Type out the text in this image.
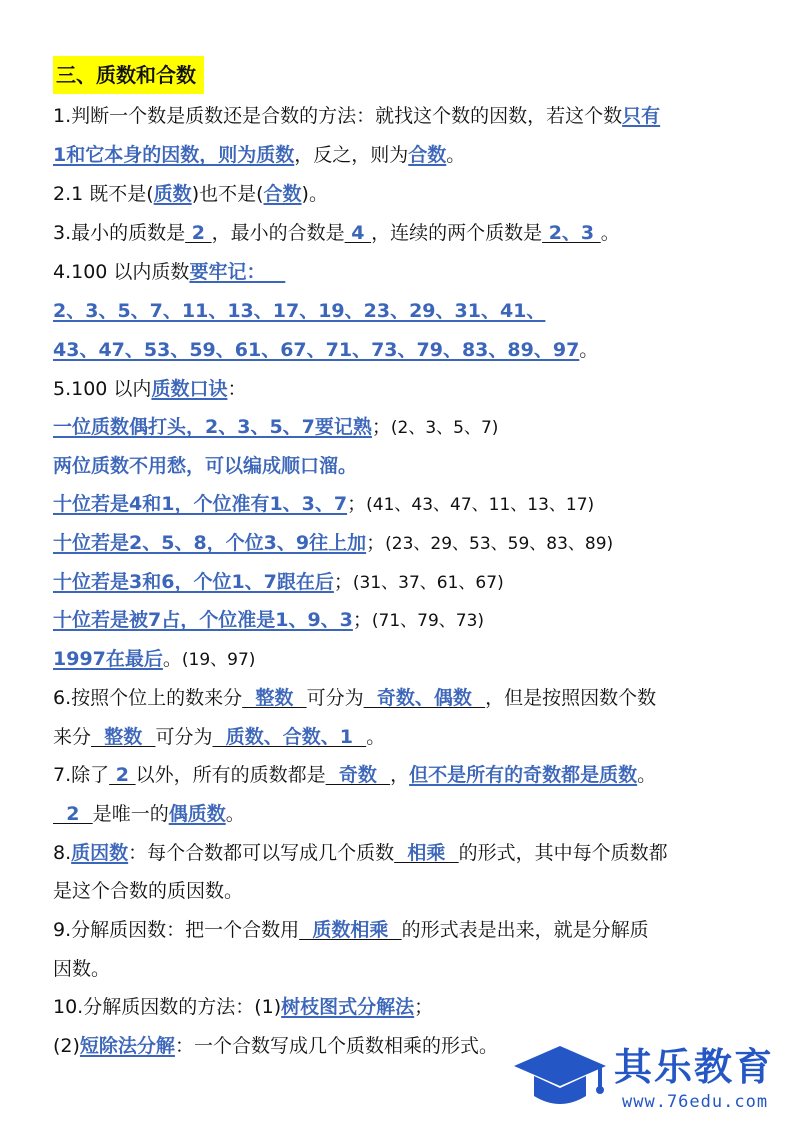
三、质数和合数
1.判断一个数是质数还是合数的方法：就找这个数的因数，若这个数只有
1和它本身的因数，则为质数，反之，则为合数。
2.1 既不是(质数)也不是(合数)。
3.最小的质数是 2 ，最小的合数是 4 ，连续的两个质数是 2、3 。
4.100 以内质数要牢记：
2、3、5、7、11、13、17、19、23、29、31、41、
43、47、53、59、61、67、71、73、79、83、89、97。
5.100 以内质数口诀：
一位质数偶打头，2、3、5、7要记熟；(2、3、5、7)
两位质数不用愁，可以编成顺口溜。
十位若是4和1，个位准有1、3、7；(41、43、47、11、13、17)
十位若是2、5、8，个位3、9往上加；(23、29、53、59、83、89)
十位若是3和6，个位1、7跟在后；(31、37、61、67)
十位若是被7占，个位准是1、9、3；(71、79、73)
1997在最后。(19、97)
6.按照个位上的数来分  整数  可分为  奇数、偶数  ，但是按照因数个数
来分  整数  可分为  质数、合数、1  。
7.除了 2 以外，所有的质数都是  奇数  ，但不是所有的奇数都是质数。
2  是唯一的偶质数。
8.质因数：每个合数都可以写成几个质数  相乘  的形式，其中每个质数都
是这个合数的质因数。
9.分解质因数：把一个合数用  质数相乘  的形式表是出来，就是分解质
因数。
10.分解质因数的方法：(1)树枝图式分解法；
(2)短除法分解：一个合数写成几个质数相乘的形式。	其乐教育
www.76edu.com
